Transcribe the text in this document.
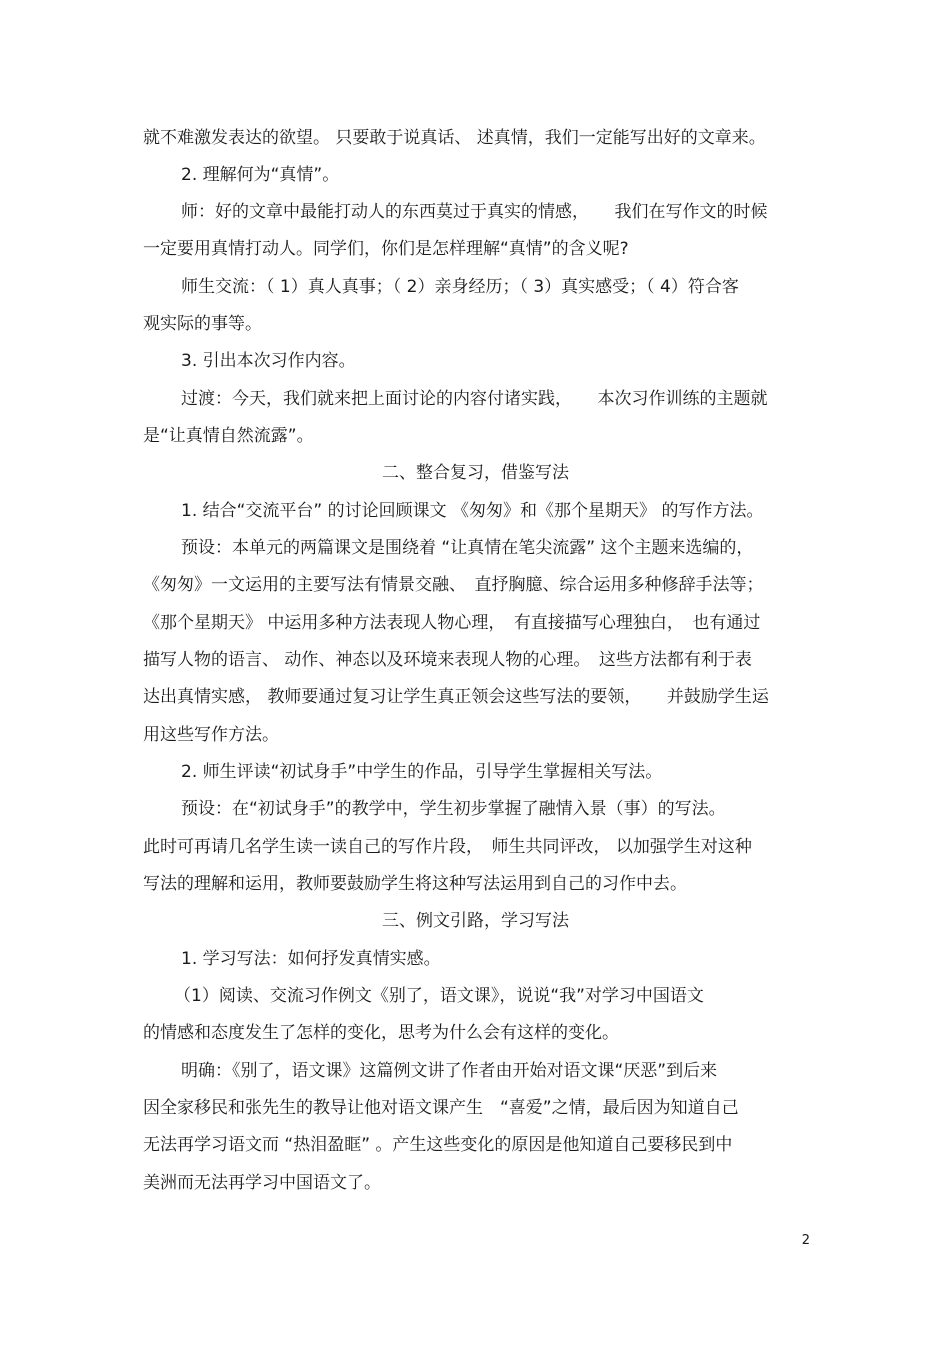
就不难激发表达的欲望。 只要敢于说真话、 述真情，我们一定能写出好的文章来。
2. 理解何为“真情”。
师：好的文章中最能打动人的东西莫过于真实的情感，　　我们在写作文的时候
一定要用真情打动人。同学们，你们是怎样理解“真情”的含义呢?
师生交流：（ 1）真人真事；（ 2）亲身经历；（ 3）真实感受；（ 4）符合客
观实际的事等。
3. 引出本次习作内容。
过渡：今天，我们就来把上面讨论的内容付诸实践，　　本次习作训练的主题就
是“让真情自然流露”。
二、整合复习，借鉴写法
1. 结合“交流平台” 的讨论回顾课文 《匆匆》和《那个星期天》 的写作方法。
预设：本单元的两篇课文是围绕着 “让真情在笔尖流露” 这个主题来选编的，
《匆匆》一文运用的主要写法有情景交融、　直抒胸臆、综合运用多种修辞手法等；
《那个星期天》 中运用多种方法表现人物心理，　有直接描写心理独白，　也有通过
描写人物的语言、 动作、神态以及环境来表现人物的心理。　这些方法都有利于表
达出真情实感， 教师要通过复习让学生真正领会这些写法的要领，　　并鼓励学生运
用这些写作方法。
2. 师生评读“初试身手”中学生的作品，引导学生掌握相关写法。
预设：在“初试身手”的教学中，学生初步掌握了融情入景（事）的写法。
此时可再请几名学生读一读自己的写作片段，　师生共同评改， 以加强学生对这种
写法的理解和运用，教师要鼓励学生将这种写法运用到自己的习作中去。
三、例文引路，学习写法
1. 学习写法：如何抒发真情实感。
（1）阅读、交流习作例文《别了，语文课》，说说“我”对学习中国语文
的情感和态度发生了怎样的变化，思考为什么会有这样的变化。
明确：《别了，语文课》这篇例文讲了作者由开始对语文课“厌恶”到后来
因全家移民和张先生的教导让他对语文课产生　“喜爱”之情，最后因为知道自己
无法再学习语文而 “热泪盈眶” 。产生这些变化的原因是他知道自己要移民到中
美洲而无法再学习中国语文了。
2
